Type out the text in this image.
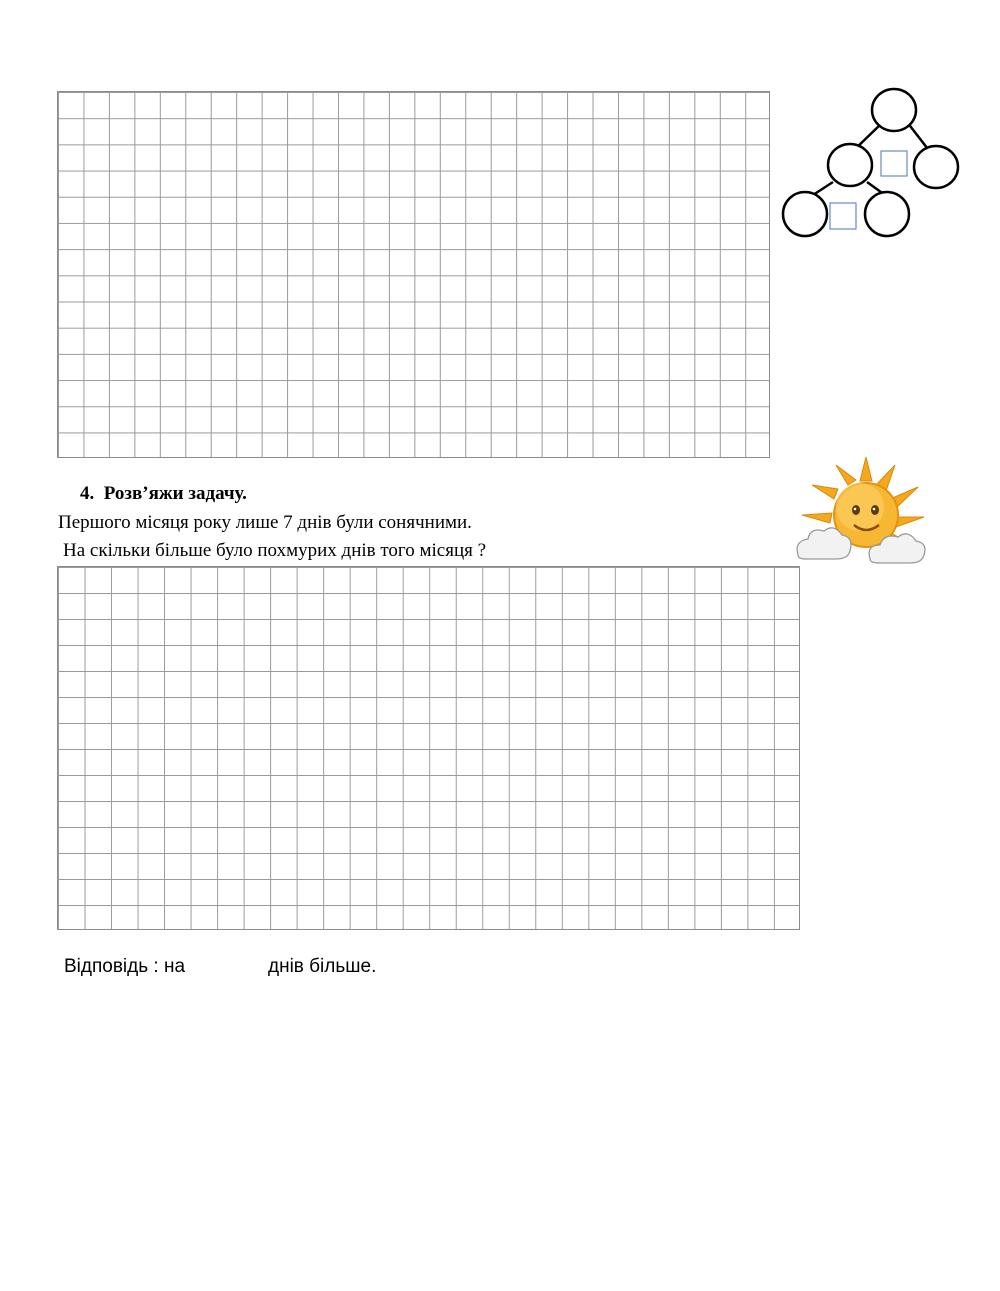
4. Розв’яжи задачу.
Першого місяця року лише 7 днів були сонячними.
На скільки більше було похмурих днів того місяця ?
Відповідь : на	днів більше.
